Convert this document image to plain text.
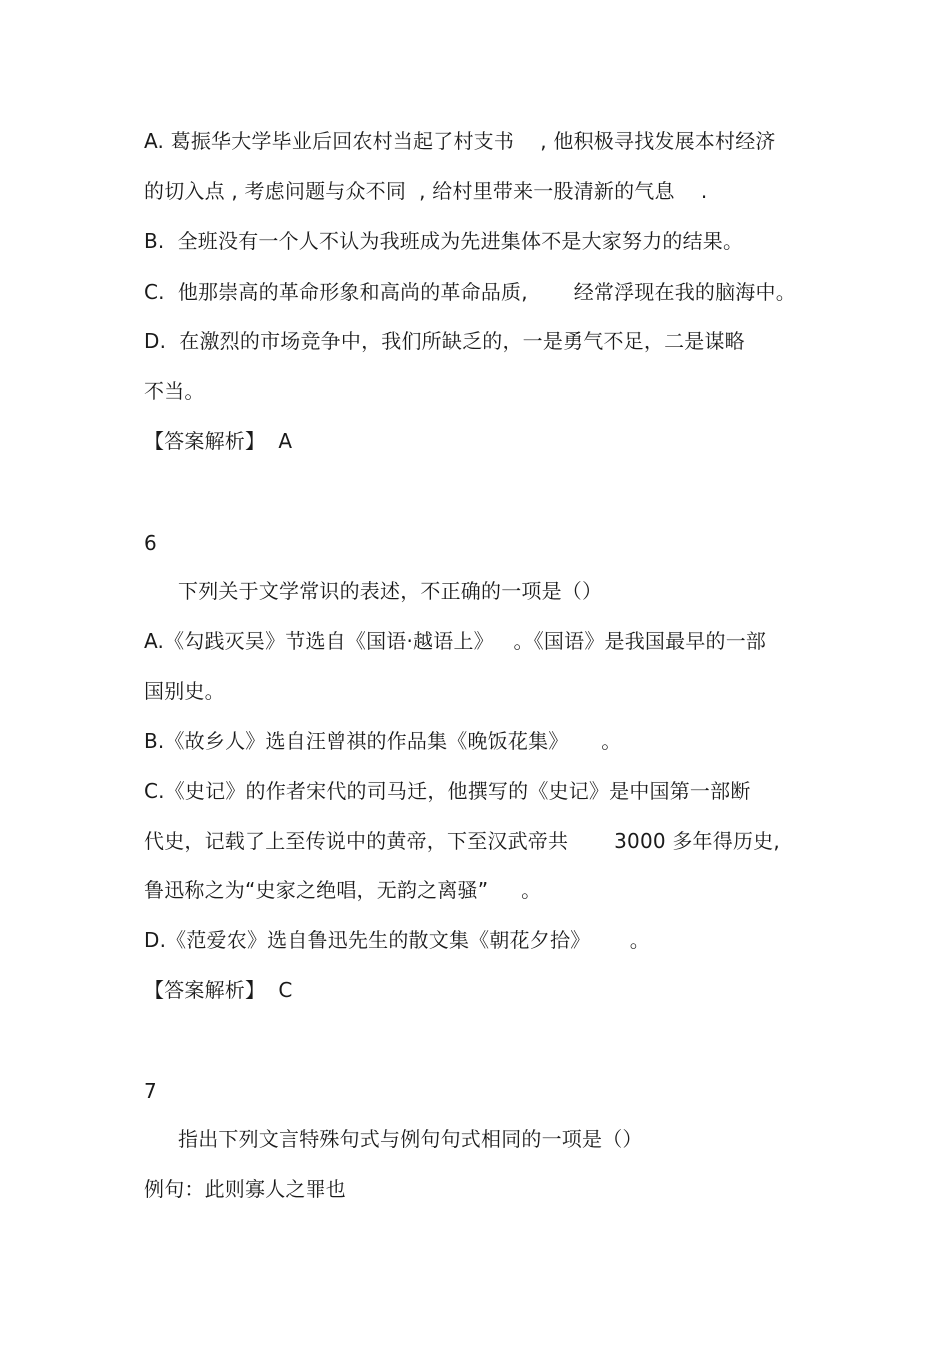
A. 葛振华大学毕业后回农村当起了村支书    , 他积极寻找发展本村经济
的切入点 , 考虑问题与众不同  , 给村里带来一股清新的气息    .
B.  全班没有一个人不认为我班成为先进集体不是大家努力的结果。
C.  他那崇高的革命形象和高尚的革命品质,       经常浮现在我的脑海中。
D.  在激烈的市场竞争中，我们所缺乏的，一是勇气不足，二是谋略
不当。
【答案解析】  A
6
下列关于文学常识的表述，不正确的一项是（）
A.《勾践灭吴》节选自《国语·越语上》   。《国语》是我国最早的一部
国别史。
B.《故乡人》选自汪曾祺的作品集《晚饭花集》     。
C.《史记》的作者宋代的司马迁，他撰写的《史记》是中国第一部断
代史，记载了上至传说中的黄帝，下至汉武帝共       3000 多年得历史,
鲁迅称之为“史家之绝唱，无韵之离骚”     。
D.《范爱农》选自鲁迅先生的散文集《朝花夕拾》      。
【答案解析】  C
7
指出下列文言特殊句式与例句句式相同的一项是（）
例句：此则寡人之罪也
